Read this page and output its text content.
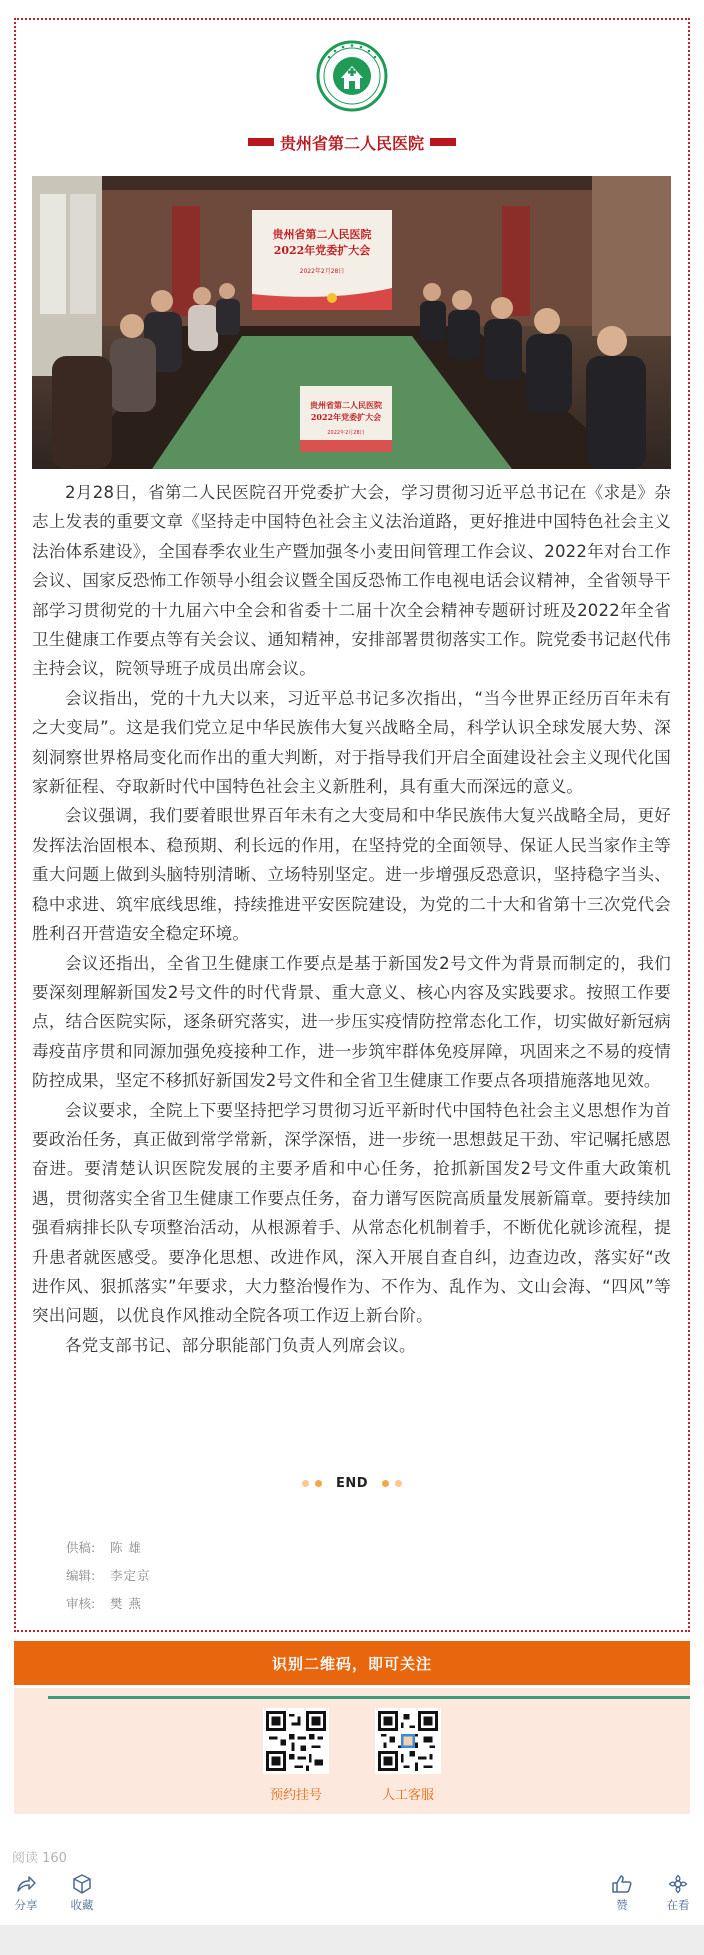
贵州省第二人民医院
贵州省第二人民医院
2022年党委扩大会
2022年2月28日
贵州省第二人民医院
2022年党委扩大会
2022年2月28日

2月28日，省第二人民医院召开党委扩大会，学习贯彻习近平总书记在《求是》杂志上发表的重要文章《坚持走中国特色社会主义法治道路，更好推进中国特色社会主义法治体系建设》，全国春季农业生产暨加强冬小麦田间管理工作会议、2022年对台工作会议、国家反恐怖工作领导小组会议暨全国反恐怖工作电视电话会议精神，全省领导干部学习贯彻党的十九届六中全会和省委十二届十次全会精神专题研讨班及2022年全省卫生健康工作要点等有关会议、通知精神，安排部署贯彻落实工作。院党委书记赵代伟主持会议，院领导班子成员出席会议。

会议指出，党的十九大以来，习近平总书记多次指出，“当今世界正经历百年未有之大变局”。这是我们党立足中华民族伟大复兴战略全局，科学认识全球发展大势、深刻洞察世界格局变化而作出的重大判断，对于指导我们开启全面建设社会主义现代化国家新征程、夺取新时代中国特色社会主义新胜利，具有重大而深远的意义。

会议强调，我们要着眼世界百年未有之大变局和中华民族伟大复兴战略全局，更好发挥法治固根本、稳预期、利长远的作用，在坚持党的全面领导、保证人民当家作主等重大问题上做到头脑特别清晰、立场特别坚定。进一步增强反恐意识，坚持稳字当头、稳中求进、筑牢底线思维，持续推进平安医院建设，为党的二十大和省第十三次党代会胜利召开营造安全稳定环境。

会议还指出，全省卫生健康工作要点是基于新国发2号文件为背景而制定的，我们要深刻理解新国发2号文件的时代背景、重大意义、核心内容及实践要求。按照工作要点，结合医院实际，逐条研究落实，进一步压实疫情防控常态化工作，切实做好新冠病毒疫苗序贯和同源加强免疫接种工作，进一步筑牢群体免疫屏障，巩固来之不易的疫情防控成果，坚定不移抓好新国发2号文件和全省卫生健康工作要点各项措施落地见效。

会议要求，全院上下要坚持把学习贯彻习近平新时代中国特色社会主义思想作为首要政治任务，真正做到常学常新，深学深悟，进一步统一思想鼓足干劲、牢记嘱托感恩奋进。要清楚认识医院发展的主要矛盾和中心任务，抢抓新国发2号文件重大政策机遇，贯彻落实全省卫生健康工作要点任务，奋力谱写医院高质量发展新篇章。要持续加强看病排长队专项整治活动，从根源着手、从常态化机制着手，不断优化就诊流程，提升患者就医感受。要净化思想、改进作风，深入开展自查自纠，边查边改，落实好“改进作风、狠抓落实”年要求，大力整治慢作为、不作为、乱作为、文山会海、“四风”等突出问题，以优良作风推动全院各项工作迈上新台阶。

各党支部书记、部分职能部门负责人列席会议。

END
供稿: 陈 雄
编辑: 李定京
审核: 樊 燕
识别二维码，即可关注
预约挂号	人工客服
阅读 160
分享	收藏	赞	在看
